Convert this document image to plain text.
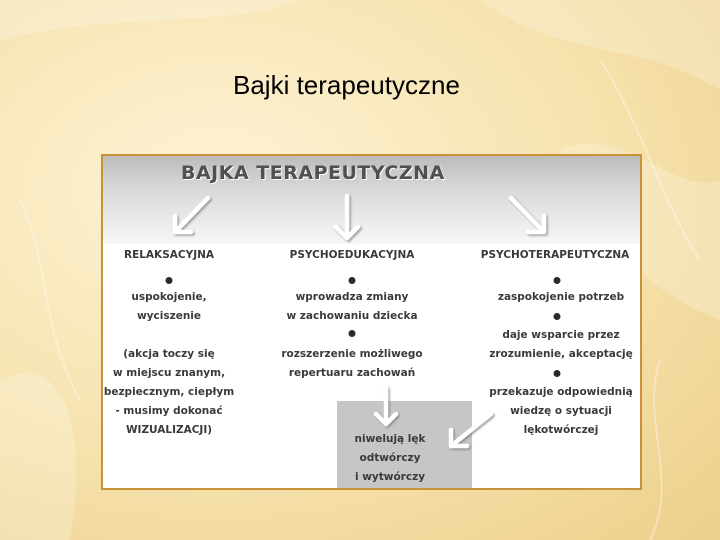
Bajki terapeutyczne
BAJKA TERAPEUTYCZNA
RELAKSACYJNA
uspokojenie,
wyciszenie
(akcja toczy się
w miejscu znanym,
bezpiecznym, ciepłym
- musimy dokonać
WIZUALIZACJI)
PSYCHOEDUKACYJNA
wprowadza zmiany
w zachowaniu dziecka
rozszerzenie możliwego
repertuaru zachowań
PSYCHOTERAPEUTYCZNA
zaspokojenie potrzeb
daje wsparcie przez
zrozumienie, akceptację
przekazuje odpowiednią
wiedzę o sytuacji
lękotwórczej
niwelują lęk
odtwórczy
i wytwórczy
